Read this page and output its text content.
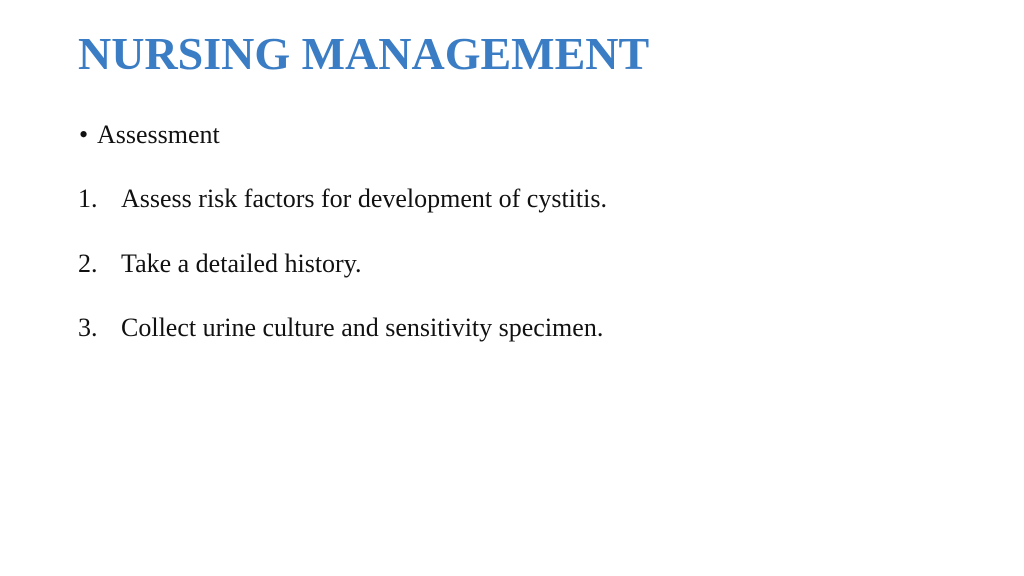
NURSING MANAGEMENT
• Assessment
1. Assess risk factors for development of cystitis.
2. Take a detailed history.
3. Collect urine culture and sensitivity specimen.
